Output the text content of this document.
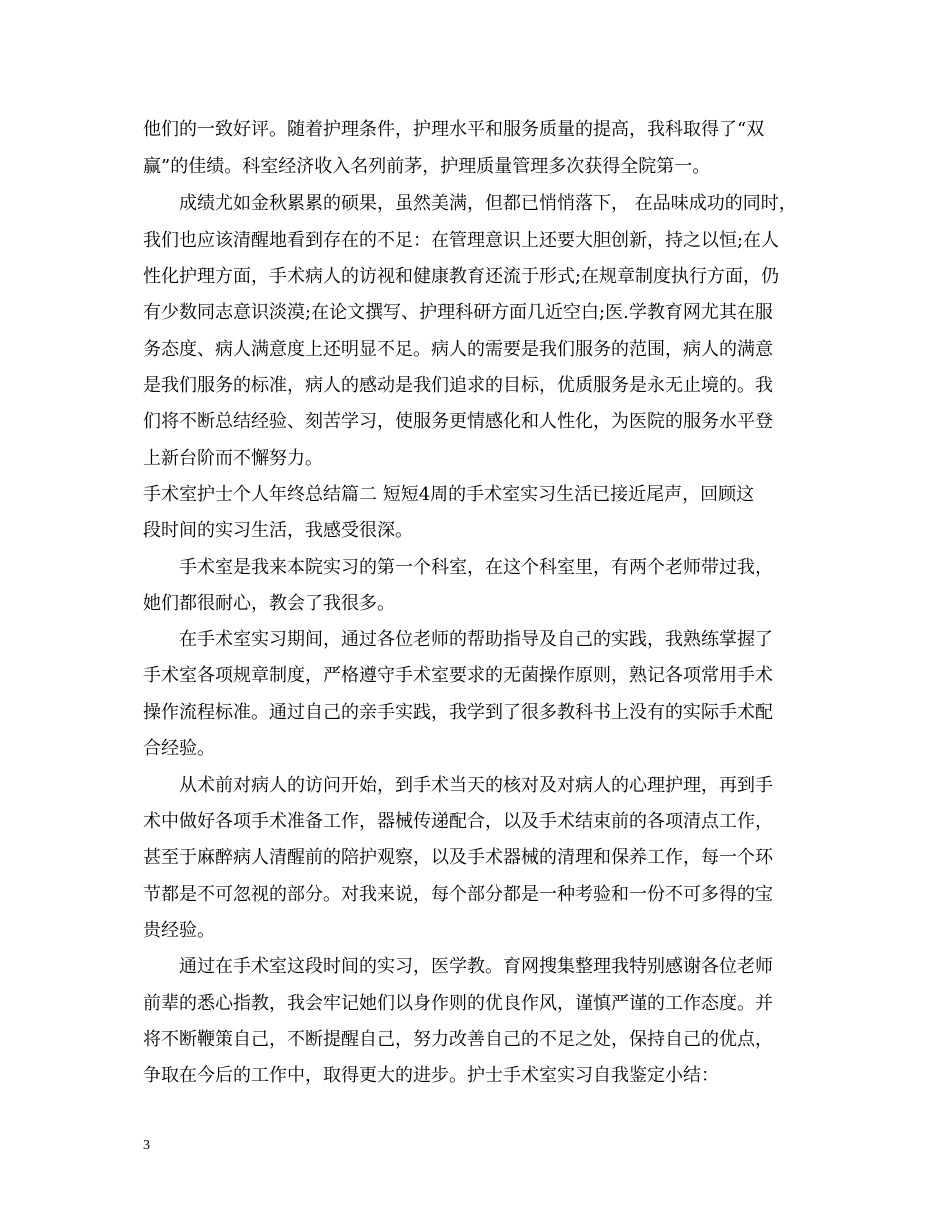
他们的一致好评。随着护理条件，护理水平和服务质量的提高，我科取得了“双
赢”的佳绩。科室经济收入名列前茅，护理质量管理多次获得全院第一。
成绩尤如金秋累累的硕果，虽然美满，但都已悄悄落下， 在品味成功的同时，
我们也应该清醒地看到存在的不足：在管理意识上还要大胆创新，持之以恒;在人
性化护理方面，手术病人的访视和健康教育还流于形式;在规章制度执行方面，仍
有少数同志意识淡漠;在论文撰写、护理科研方面几近空白;医.学教育网尤其在服
务态度、病人满意度上还明显不足。病人的需要是我们服务的范围，病人的满意
是我们服务的标准，病人的感动是我们追求的目标，优质服务是永无止境的。我
们将不断总结经验、刻苦学习，使服务更情感化和人性化，为医院的服务水平登
上新台阶而不懈努力。
手术室护士个人年终总结篇二 短短4周的手术室实习生活已接近尾声，回顾这
段时间的实习生活，我感受很深。
手术室是我来本院实习的第一个科室，在这个科室里，有两个老师带过我，
她们都很耐心，教会了我很多。
在手术室实习期间，通过各位老师的帮助指导及自己的实践，我熟练掌握了
手术室各项规章制度，严格遵守手术室要求的无菌操作原则，熟记各项常用手术
操作流程标准。通过自己的亲手实践，我学到了很多教科书上没有的实际手术配
合经验。
从术前对病人的访问开始，到手术当天的核对及对病人的心理护理，再到手
术中做好各项手术准备工作，器械传递配合，以及手术结束前的各项清点工作，
甚至于麻醉病人清醒前的陪护观察，以及手术器械的清理和保养工作，每一个环
节都是不可忽视的部分。对我来说，每个部分都是一种考验和一份不可多得的宝
贵经验。
通过在手术室这段时间的实习，医学教。育网搜集整理我特别感谢各位老师
前辈的悉心指教，我会牢记她们以身作则的优良作风，谨慎严谨的工作态度。并
将不断鞭策自己，不断提醒自己，努力改善自己的不足之处，保持自己的优点，
争取在今后的工作中，取得更大的进步。护士手术室实习自我鉴定小结：
3
